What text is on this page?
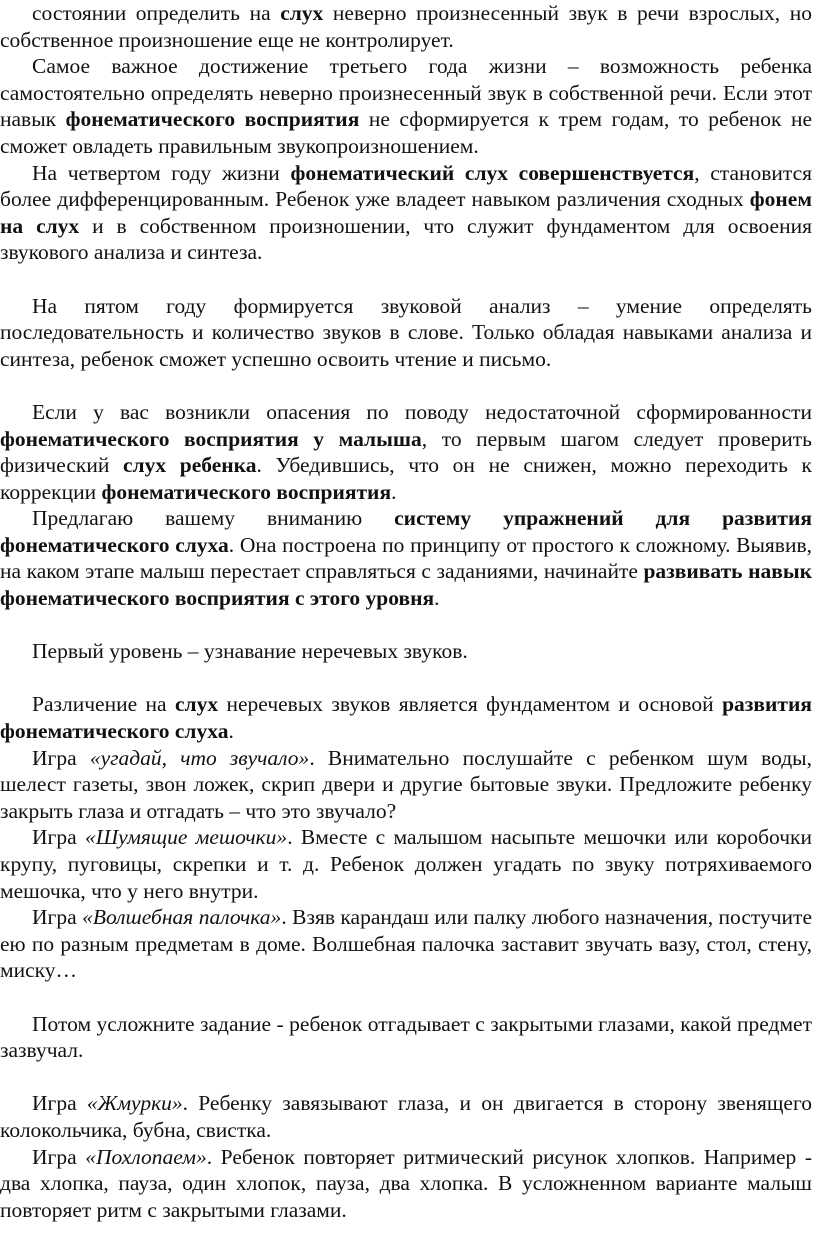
состоянии определить на слух неверно произнесенный звук в речи взрослых, но собственное произношение еще не контролирует.

Самое важное достижение третьего года жизни – возможность ребенка самостоятельно определять неверно произнесенный звук в собственной речи. Если этот навык фонематического восприятия не сформируется к трем годам, то ребенок не сможет овладеть правильным звукопроизношением.

На четвертом году жизни фонематический слух совершенствуется, становится более дифференцированным. Ребенок уже владеет навыком различения сходных фонем на слух и в собственном произношении, что служит фундаментом для освоения звукового анализа и синтеза.

На пятом году формируется звуковой анализ – умение определять последовательность и количество звуков в слове. Только обладая навыками анализа и синтеза, ребенок сможет успешно освоить чтение и письмо.

Если у вас возникли опасения по поводу недостаточной сформированности фонематического восприятия у малыша, то первым шагом следует проверить физический слух ребенка. Убедившись, что он не снижен, можно переходить к коррекции фонематического восприятия.

Предлагаю вашему вниманию систему упражнений для развития фонематического слуха. Она построена по принципу от простого к сложному. Выявив, на каком этапе малыш перестает справляться с заданиями, начинайте развивать навык фонематического восприятия с этого уровня.

Первый уровень – узнавание неречевых звуков.

Различение на слух неречевых звуков является фундаментом и основой развития фонематического слуха.

Игра «угадай, что звучало». Внимательно послушайте с ребенком шум воды, шелест газеты, звон ложек, скрип двери и другие бытовые звуки. Предложите ребенку закрыть глаза и отгадать – что это звучало?

Игра «Шумящие мешочки». Вместе с малышом насыпьте мешочки или коробочки крупу, пуговицы, скрепки и т. д. Ребенок должен угадать по звуку потряхиваемого мешочка, что у него внутри.

Игра «Волшебная палочка». Взяв карандаш или палку любого назначения, постучите ею по разным предметам в доме. Волшебная палочка заставит звучать вазу, стол, стену, миску…

Потом усложните задание - ребенок отгадывает с закрытыми глазами, какой предмет зазвучал.

Игра «Жмурки». Ребенку завязывают глаза, и он двигается в сторону звенящего колокольчика, бубна, свистка.

Игра «Похлопаем». Ребенок повторяет ритмический рисунок хлопков. Например - два хлопка, пауза, один хлопок, пауза, два хлопка. В усложненном варианте малыш повторяет ритм с закрытыми глазами.
